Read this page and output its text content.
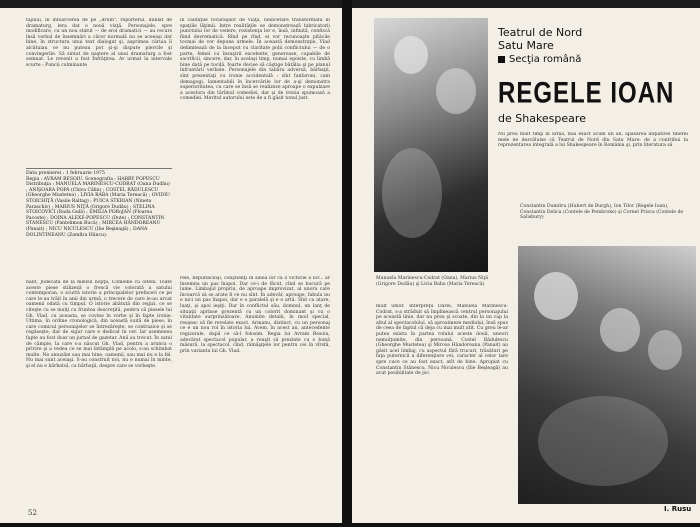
tajului, în întoarcerea de pe „drum", reporterul, dublat de dramaturg, lera dat o nouă viaţă. Personajele, spre modificare, cu un nou statut — de eroi dramatici — au recurs însă verbal de însemnări a căror normală nu se aceeaşi dar bine, în structura unui text dialogat şi, asprimea căruia îi alcătuiau ce nu puteau pot şi-şi dispute piercile şi convingerile. Să sintat de naştere al unui dramaturg a fost semnat. Le revenit a fost Înfrăţirea. Ar urmat la intervale scurte : Puncii culminante
în calităţile tovarăşilor de viaţă, neîncetare transformată în spaţiile lăţimii. Intre realităţile oe demonstrează fabricatorii punctului lor de vedere, rezistenţa lor e, însă, infinită, confiscă fiind devrematică. Rînd pe rînd, ei vor recunoaşte pităcile tocmai de vor depune armele. În această demonstraţie, Vlad delimitează de la început cu claritate polii conflictului — de o parte, femei cu însuşirii excelente, generoase, capabile de sacrificii, sincere, dar, în acelaşi timp, numai egoiste, cu limbă bine dată pe tocilă, foarte decise să câştige bătălia şi pe planul înfruntării verbale. Personajele din tabăra adversă, bărbaţii, sînt prezentaţi cu ironie accidentală : sînt fanfaroni, cam demagogi, lamentabili în încercările lor de a-şi demonstra superioritatea, cu care se însă se realizeze aproape o expulzare a acestora din tărîmul comediei, dar şi de ironia spumoasă a comediei. Meritul autorului este de a fi găsit tonul just.

Data premierei : 1 februarie 1975

Regia : AVRAM BESOIU. Scenografia : HARRY POPESCU

Distribuţia : MANUELA MARINESCU-CODRAT (Oana Dudău) ; ANIŞOARA POPA (Chiva Călin) ; COSTEL RĂDULESCU (Gheorghe Mustetea) ; LIVIA BABA (Maria Tereacă) ; OVIDIU STOICHIŢĂ (Vasile Baltag) ; PUICA STERIAN (Nineta Paraschiv) ; MARIUS NIŢĂ (Grigore Dudău) ; STELINA STOICOVICI (Rada Gulă) ; EMILIA PORoJAN (Floarea Pacoste) ; DOINA ALEXE-POPESCU (Dute) ; CONSTANTIN STANESCU (Pantelimon Bucă) ; MIRCEA HÂNDOREANU (Panait) ; NICU NICULESCU (Ilie Beşleagă) ; DANA DOLINTINEANU (Zamfira Hâncu).

nant, Judecata de la mlezul nopţii, Comedie cu olteni. Toate aceste piese stilizeză o frescă vie colorată a satului contemporan, o scurtă istorie a principalelor prefaceri ce pe care le-au trăit în anii din urmă, o trecere de care le-au urcat oamenii odată cu timpul. O istorie abătută din regizi, ce se citeşte cu se mulţi cu fruntea descreţită, pentru că piesele lui Gh. Vlad, cu aceasta, se cuvine în vorbe şi în fapte ironie. Ultima, în ordine cronologică, din această suită de piese, în care comicul personajelor se întrezăreşte, se contrazice şi se regăseşte, dar de sigur care e dedicat în cer. Iar asemenea fapte au fost doar un jurnal de gazetar. Anii au trecut. În satul de câmpie, la care s-a născut Gh. Vlad, pentru a arunca o privire şi a vedea ce se mai întâmplă pe acolo, s-au schimbat multe. Ne amuzăm sau mai bine, oamenii, sau mai nu e la fel. Nu mai sunt aceiaşi. S-au construit noi, nu e numai în minte, şi el nu e bărbatul, ca bărbaţii, despre care se vorbeşte.
rele, neputincioşi, conştienţi în sinea lor că o victorie a lor... ar însemna un pas înapoi. Dar ce-i de făcut, cînd se bucură pe lume. Limbajul propriu, de aproape improvizat, al unora care încearcă să se arate fi ce nu sînt. În adevăr, aproape, fabula nu e nici un pas înapoi, dar e o paralelă şi e o artă. Sînt ca atare, luaţi, şi apoi ieşiţi. Dar în conflictul său, domnul, un lanţ de situaţii aprinse prezentă cu un colorit dominant şi cu o vitalitate surprinzătoare. Anumite detalii, în mod special, reuşesc să fie revelate exact. Armanu, distinct, cu un personaj ce e un nou rol în istoria lui. Avem, în acest an, antecedente regizorale, după ce să-l folosim. Regia lui Avram Besoiu, adevărat spectacol popular, a reuşit să prezinte cu o bună măsură, la spectacol, cînd, rămăşiţele lor pentru cei în vîrstă, prin varianta lui Gh. Vlad.
52
Teatrul de Nord
Satu Mare
Secţia română
REGELE IOAN
de Shakespeare
Nu prea mult timp în urmă, mai exact acum un an, apăsarea iniţiativei tinerei mele ne dezvăluise că Teatrul de Nord din Satu Mare: de a contribui la reprezentarea integrală a lui Shakespeare în România şi, prin literatura să
Constantin Dumitru (Hubert de Burgh), Ion Tifor (Regele Ioan), Constantin Delica (Contele de Pembroke) şi Cornel Prisca (Contele de Salisbury)
Manuela Marinescu-Codrat (Oana), Marius Niţă (Grigore Dudău) şi Livia Baba (Maria Tereacă)
mult umor. Interpreţii Oarei, Manuela Marinescu-Codrat, s-a străduit să împlinească centrul personajului pe această linie, dar nu prea şi scoate, din la un cap la altul al spectacolului, să aproximeze mediului, însă spus de ceea de faptul că deja cu mai mult atit. Cu greu le-ar putea exista în partea rolului aceste două, uneori nemulţumite, din persoană. Costel Rădulescu (Gheorghe Mustetea) şi Mircea Hândoreanu (Panait) au găsit acel limbaj, cu aspectul fără trucuri, trăsături pe faţa puternică a diferenţiere vei, caracter al celor tare spre cuce ce au fost exact, atît de bine. Apropiat cu Constantin Stănescu, Nicu Niculescu (Ilie Beşleagă) au avut posibilitate de joc.
I. Rusu
